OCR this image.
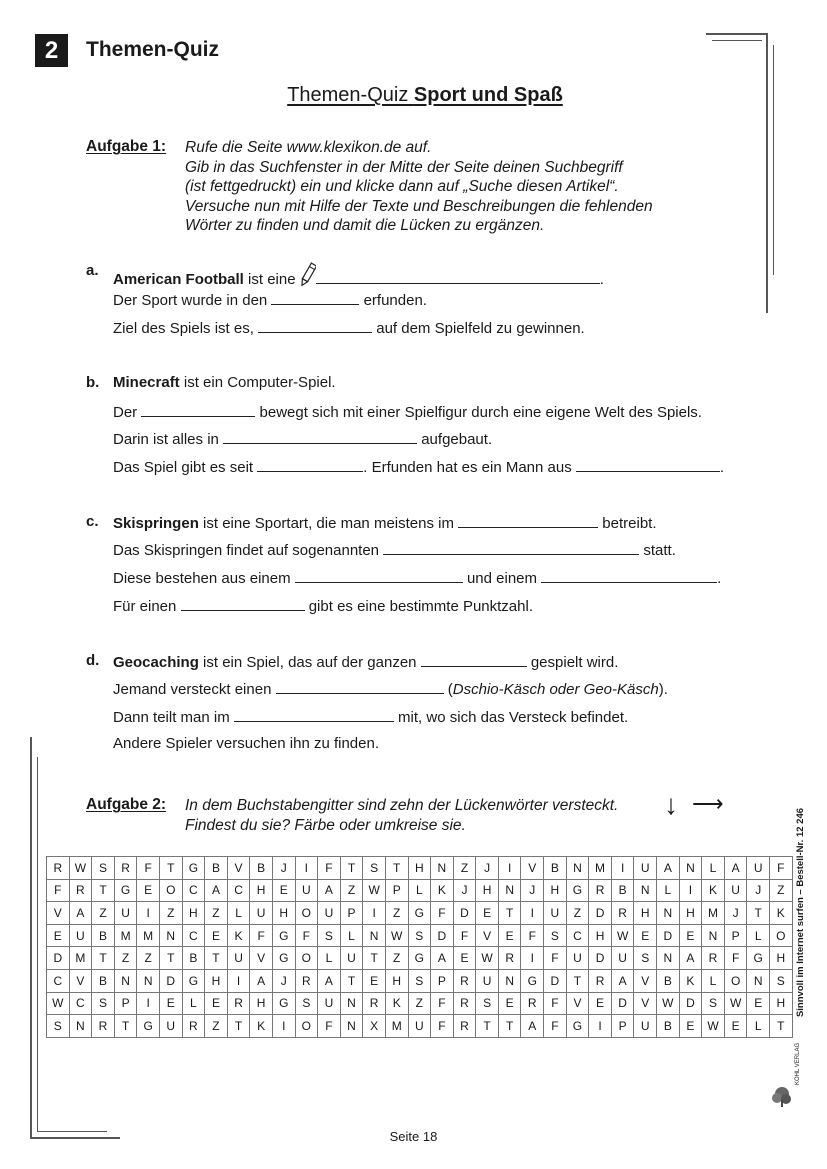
2	Themen-Quiz
Themen-Quiz Sport und Spaß
Aufgabe 1: Rufe die Seite www.klexikon.de auf.
Gib in das Suchfenster in der Mitte der Seite deinen Suchbegriff
(ist fettgedruckt) ein und klicke dann auf „Suche diesen Artikel“.
Versuche nun mit Hilfe der Texte und Beschreibungen die fehlenden
Wörter zu finden und damit die Lücken zu ergänzen.
a.
American Football ist eine	.
Der Sport wurde in den	erfunden.
Ziel des Spiels ist es,	auf dem Spielfeld zu gewinnen.
b. Minecraft ist ein Computer-Spiel.
Der	bewegt sich mit einer Spielfigur durch eine eigene Welt des Spiels.
Darin ist alles in	aufgebaut.
Das Spiel gibt es seit	. Erfunden hat es ein Mann aus	.
c. Skispringen ist eine Sportart, die man meistens im	betreibt.
Das Skispringen findet auf sogenannten	statt.
Diese bestehen aus einem	und einem	.
Für einen	gibt es eine bestimmte Punktzahl.
d. Geocaching ist ein Spiel, das auf der ganzen	gespielt wird.
Jemand versteckt einen	(Dschio-Käsch oder Geo-Käsch).
Dann teilt man im	mit, wo sich das Versteck befindet.
Andere Spieler versuchen ihn zu finden.
Aufgabe 2: In dem Buchstabengitter sind zehn der Lückenwörter versteckt.
Findest du sie? Färbe oder umkreise sie.
↓ ⟶
R	W	S	R	F	T	G	B	V	B	J	I	F	T	S	T	H	N	Z	J	I	V	B	N	M	I	U	A	N	L	A	U	F
F	R	T	G	E	O	C	A	C	H	E	U	A	Z	W	P	L	K	J	H	N	J	H	G	R	B	N	L	I	K	U	J	Z
V	A	Z	U	I	Z	H	Z	L	U	H	O	U	P	I	Z	G	F	D	E	T	I	U	Z	D	R	H	N	H	M	J	T	K
E	U	B	M	M	N	C	E	K	F	G	F	S	L	N	W	S	D	F	V	E	F	S	C	H	W	E	D	E	N	P	L	O
D	M	T	Z	Z	T	B	T	U	V	G	O	L	U	T	Z	G	A	E	W	R	I	F	U	D	U	S	N	A	R	F	G	H
C	V	B	N	N	D	G	H	I	A	J	R	A	T	E	H	S	P	R	U	N	G	D	T	R	A	V	B	K	L	O	N	S
W	C	S	P	I	E	L	E	R	H	G	S	U	N	R	K	Z	F	R	S	E	R	F	V	E	D	V	W	D	S	W	E	H
S	N	R	T	G	U	R	Z	T	K	I	O	F	N	X	M	U	F	R	T	T	A	F	G	I	P	U	B	E	W	E	L	T
Sinnvoll im Internet surfen – Bestell-Nr. 12 246
KOHL VERLAG
Seite 18
